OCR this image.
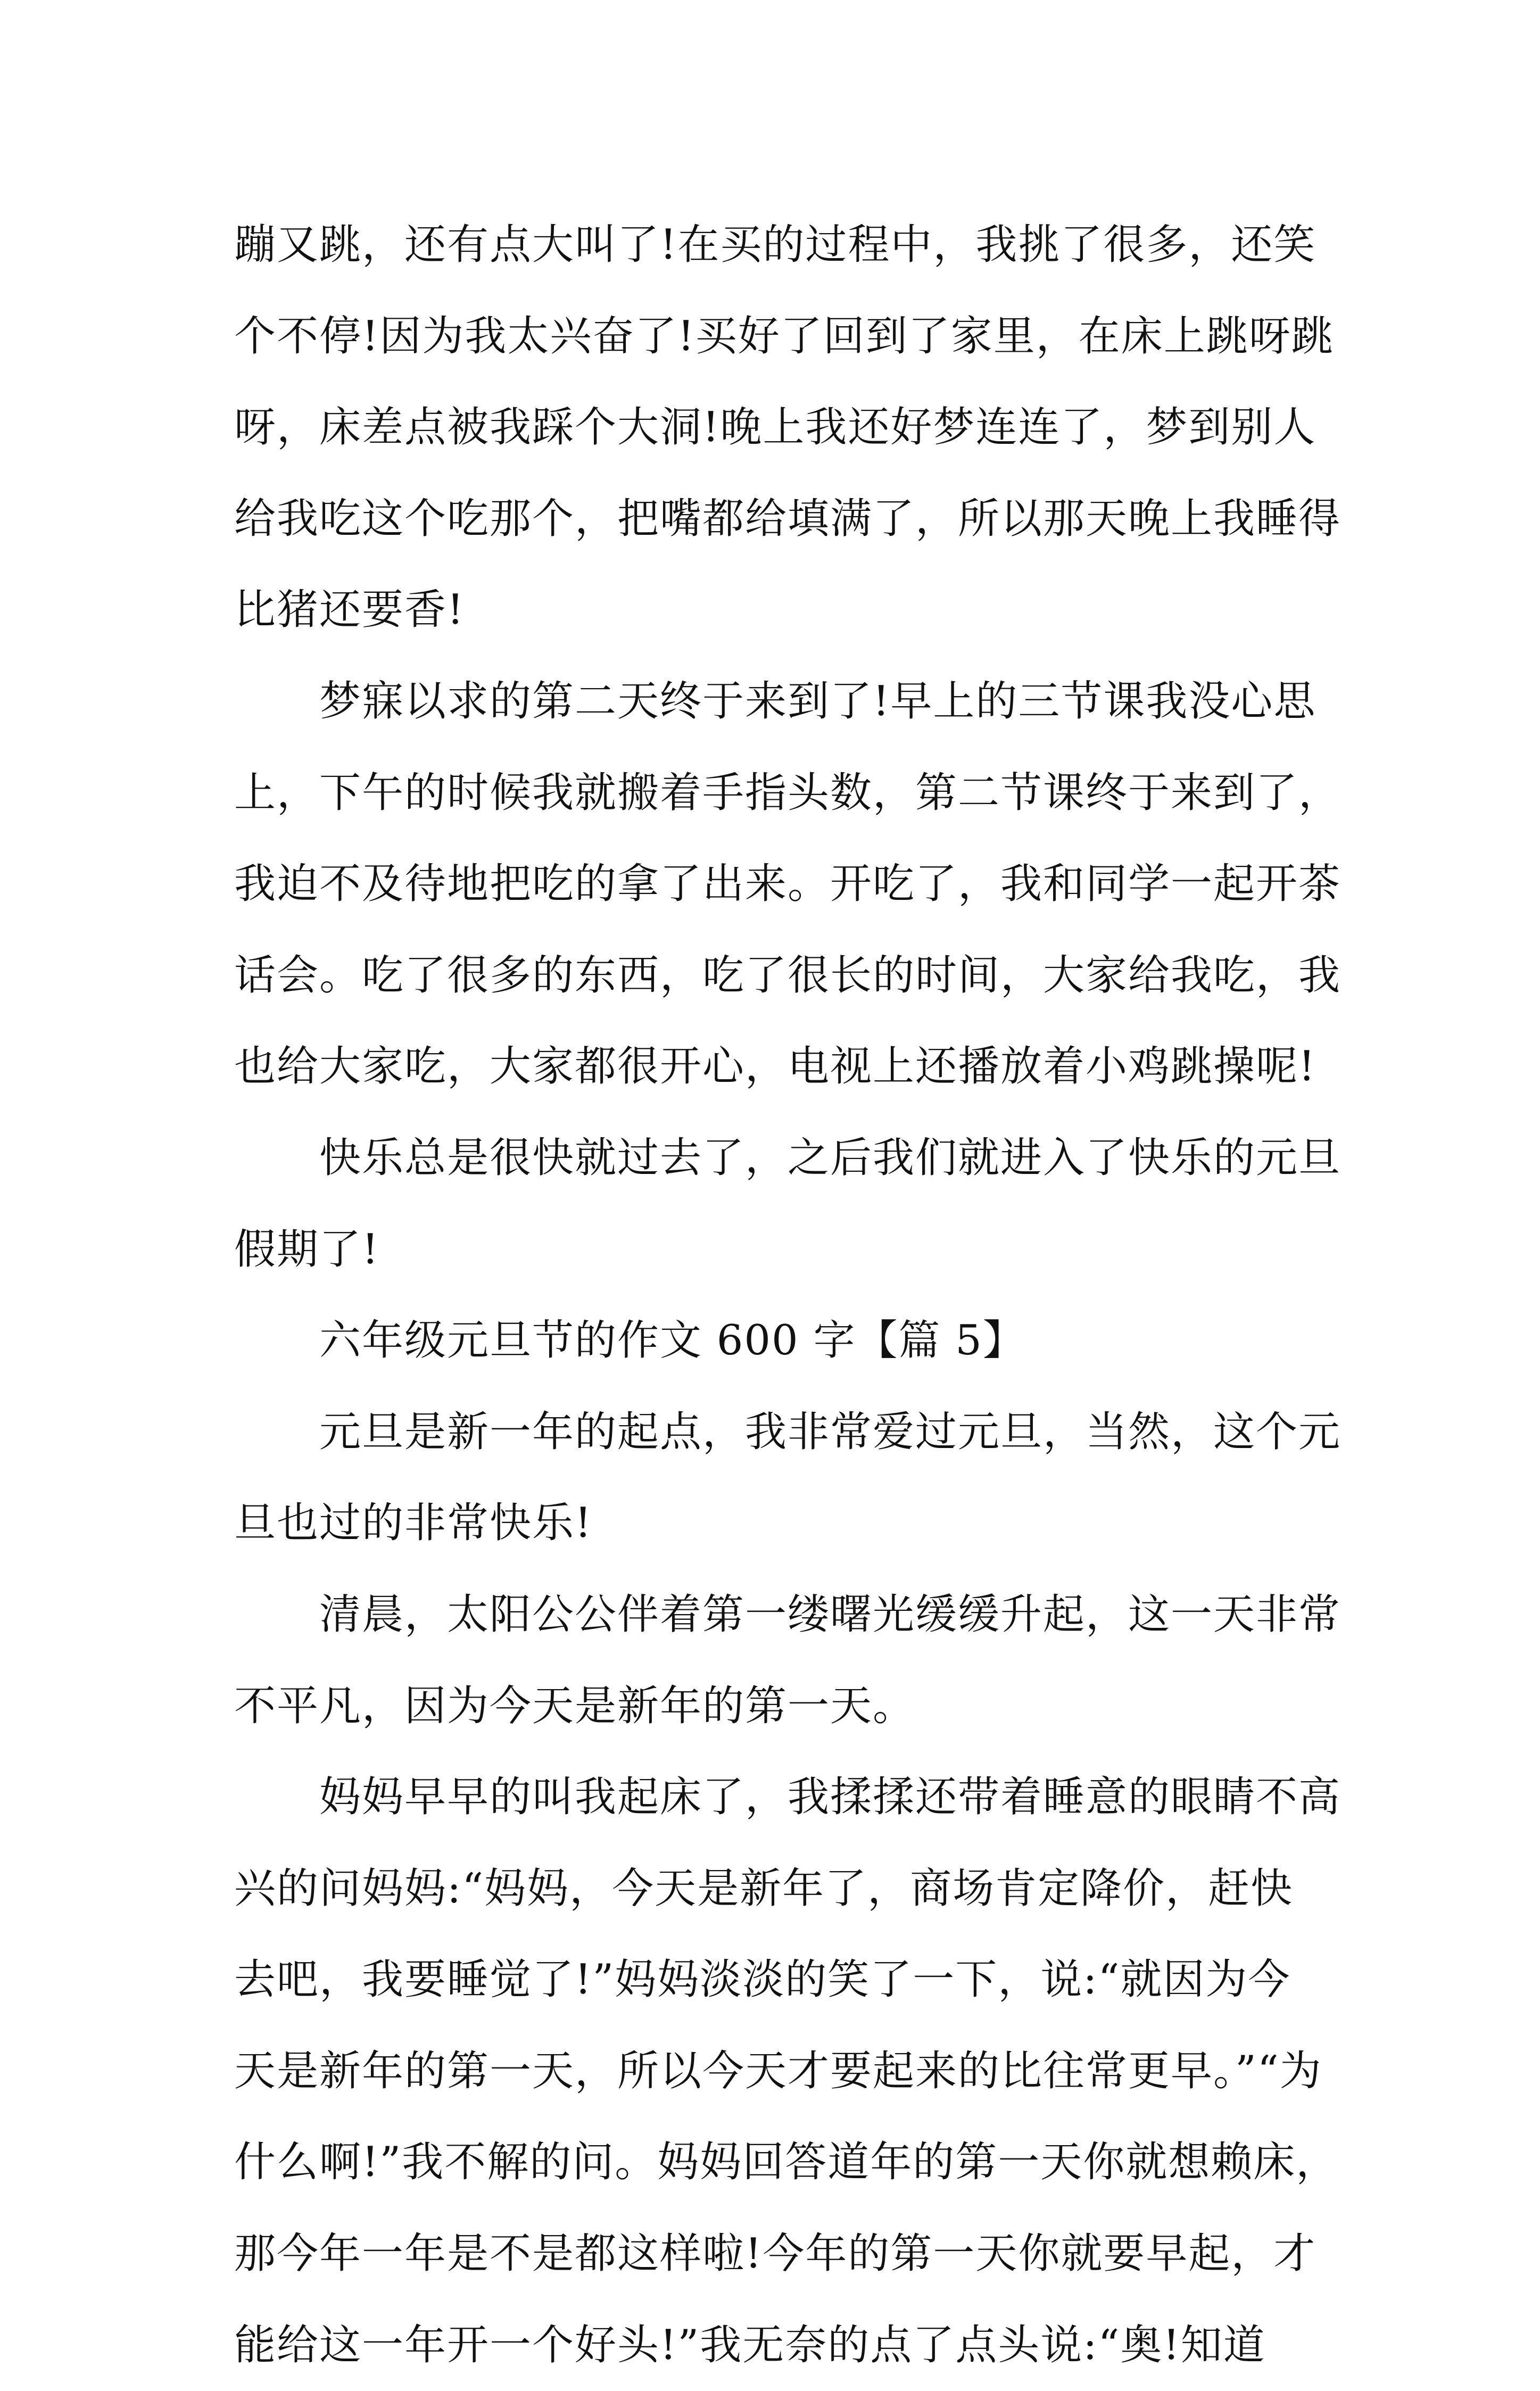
蹦又跳，还有点大叫了!在买的过程中，我挑了很多，还笑
个不停!因为我太兴奋了!买好了回到了家里，在床上跳呀跳
呀，床差点被我踩个大洞!晚上我还好梦连连了，梦到别人
给我吃这个吃那个，把嘴都给填满了，所以那天晚上我睡得
比猪还要香!
梦寐以求的第二天终于来到了!早上的三节课我没心思
上，下午的时候我就搬着手指头数，第二节课终于来到了，
我迫不及待地把吃的拿了出来。开吃了，我和同学一起开茶
话会。吃了很多的东西，吃了很长的时间，大家给我吃，我
也给大家吃，大家都很开心，电视上还播放着小鸡跳操呢!
快乐总是很快就过去了，之后我们就进入了快乐的元旦
假期了!
六年级元旦节的作文 600 字【篇 5】
元旦是新一年的起点，我非常爱过元旦，当然，这个元
旦也过的非常快乐!
清晨，太阳公公伴着第一缕曙光缓缓升起，这一天非常
不平凡，因为今天是新年的第一天。
妈妈早早的叫我起床了，我揉揉还带着睡意的眼睛不高
兴的问妈妈:“妈妈，今天是新年了，商场肯定降价，赶快
去吧，我要睡觉了!”妈妈淡淡的笑了一下，说:“就因为今
天是新年的第一天，所以今天才要起来的比往常更早。”“为
什么啊!”我不解的问。妈妈回答道年的第一天你就想赖床，
那今年一年是不是都这样啦!今年的第一天你就要早起，才
能给这一年开一个好头!”我无奈的点了点头说:“奥!知道
